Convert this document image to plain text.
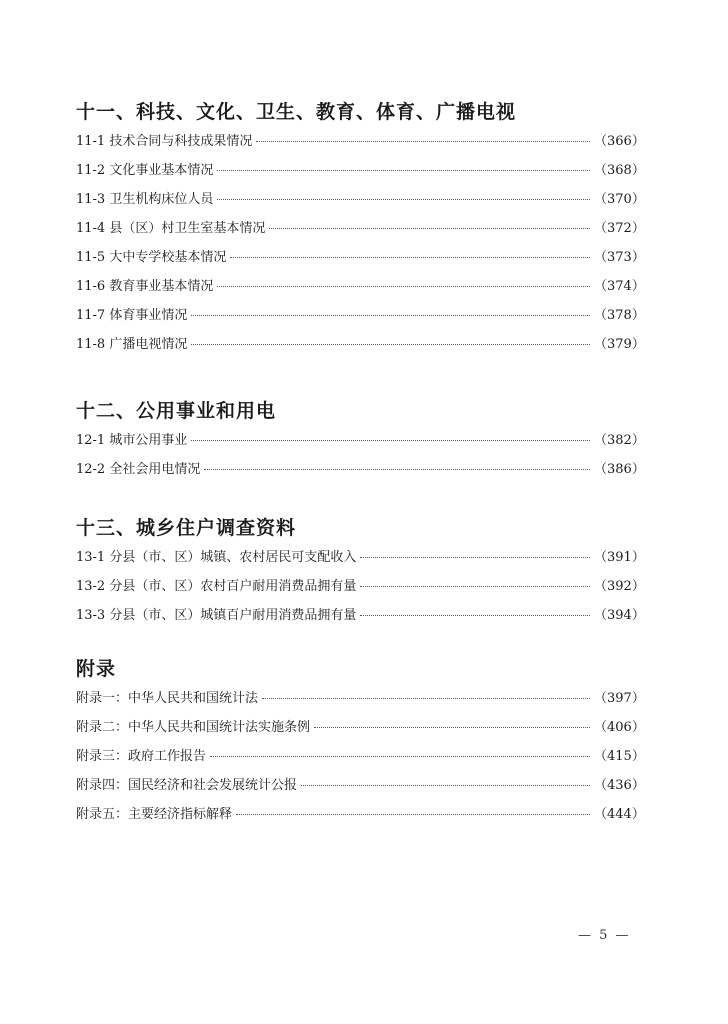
十一、科技、文化、卫生、教育、体育、广播电视
11-1 技术合同与科技成果情况	（366）
11-2 文化事业基本情况	（368）
11-3 卫生机构床位人员	（370）
11-4 县（区）村卫生室基本情况	（372）
11-5 大中专学校基本情况	（373）
11-6 教育事业基本情况	（374）
11-7 体育事业情况	（378）
11-8 广播电视情况	（379）
十二、公用事业和用电
12-1 城市公用事业	（382）
12-2 全社会用电情况	（386）
十三、城乡住户调查资料
13-1 分县（市、区）城镇、农村居民可支配收入	（391）
13-2 分县（市、区）农村百户耐用消费品拥有量	（392）
13-3 分县（市、区）城镇百户耐用消费品拥有量	（394）
附录
附录一：中华人民共和国统计法	（397）
附录二：中华人民共和国统计法实施条例	（406）
附录三：政府工作报告	（415）
附录四：国民经济和社会发展统计公报	（436）
附录五：主要经济指标解释	（444）
— 5 —
